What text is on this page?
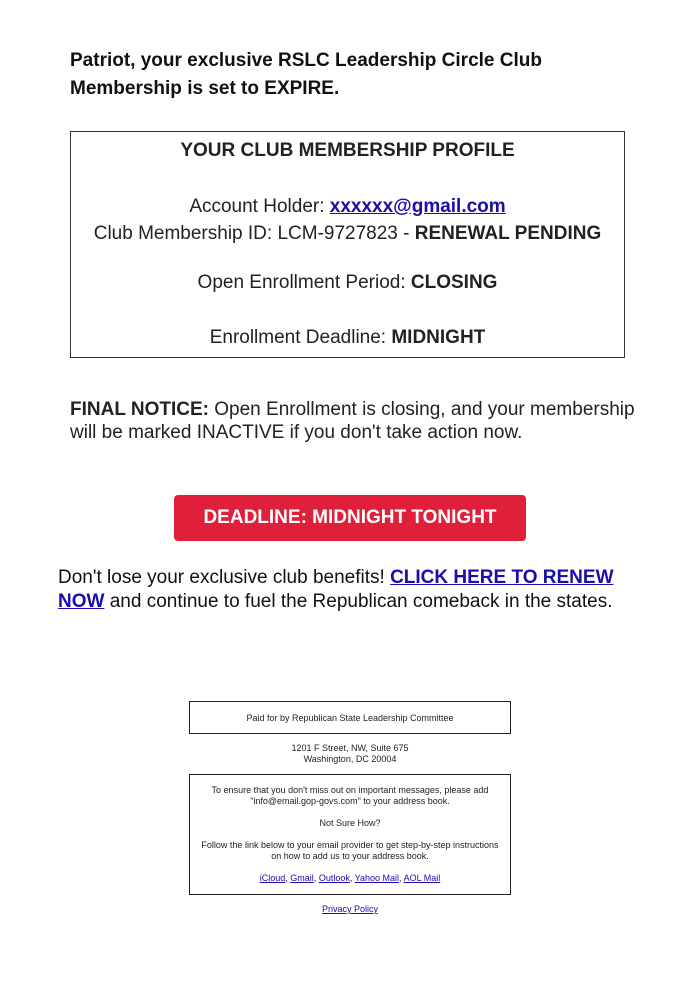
Patriot, your exclusive RSLC Leadership Circle Club Membership is set to EXPIRE.
YOUR CLUB MEMBERSHIP PROFILE
Account Holder: xxxxxx@gmail.com
Club Membership ID: LCM-9727823 - RENEWAL PENDING
Open Enrollment Period: CLOSING
Enrollment Deadline: MIDNIGHT
FINAL NOTICE: Open Enrollment is closing, and your membership will be marked INACTIVE if you don't take action now.
DEADLINE: MIDNIGHT TONIGHT
Don't lose your exclusive club benefits! CLICK HERE TO RENEW NOW and continue to fuel the Republican comeback in the states.
Paid for by Republican State Leadership Committee
1201 F Street, NW, Suite 675
Washington, DC 20004

To ensure that you don't miss out on important messages, please add "info@email.gop-govs.com" to your address book.

Not Sure How?

Follow the link below to your email provider to get step-by-step instructions on how to add us to your address book.

iCloud, Gmail, Outlook, Yahoo Mail, AOL Mail

Privacy Policy
